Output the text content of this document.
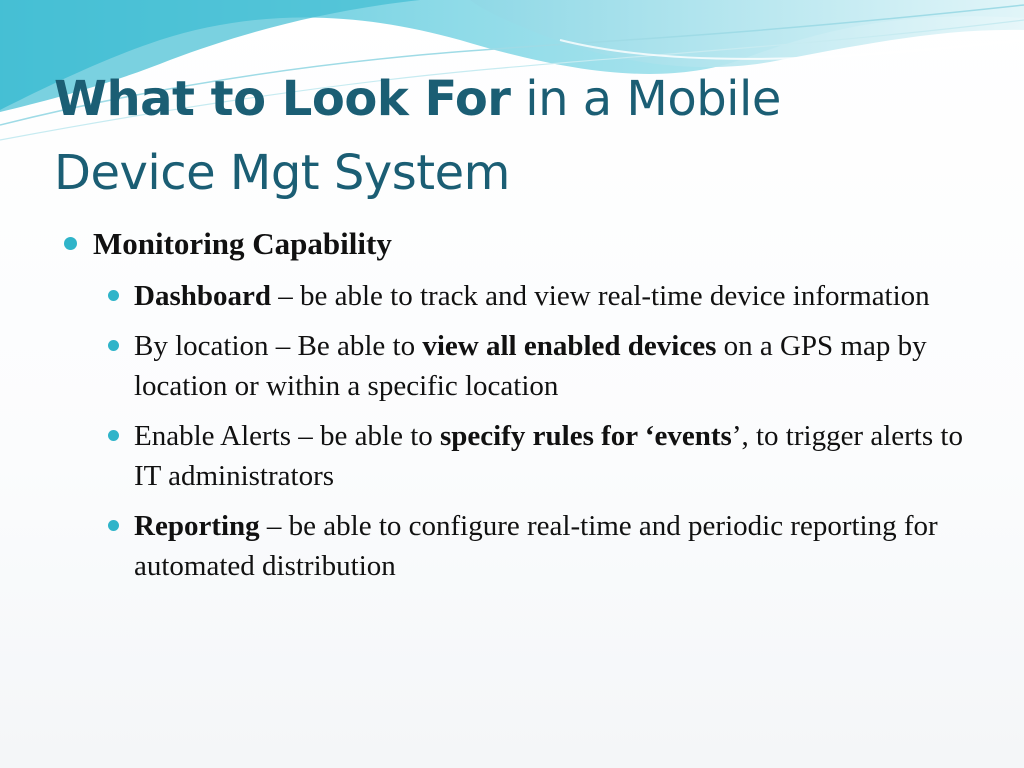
What to Look For in a Mobile
Device Mgt System
Monitoring Capability
Dashboard – be able to track and view real-time device information
By location – Be able to view all enabled devices on a GPS map by location or within a specific location
Enable Alerts – be able to specify rules for ‘events’, to trigger alerts to IT administrators
Reporting – be able to configure real-time and periodic reporting for automated distribution
